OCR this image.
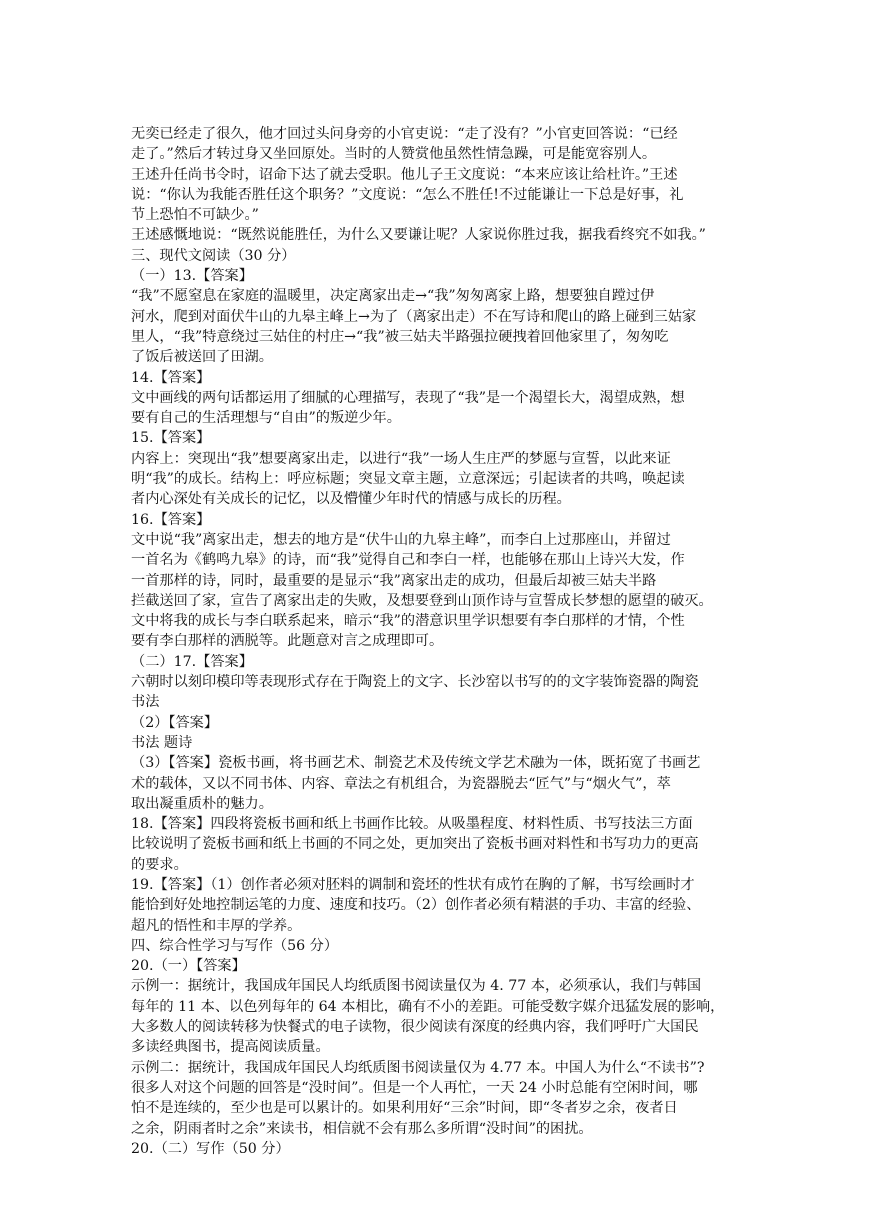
无奕已经走了很久，他才回过头问身旁的小官吏说：“走了没有？”小官吏回答说：“已经

走了。”然后才转过身又坐回原处。当时的人赞赏他虽然性情急躁，可是能宽容别人。

王述升任尚书令时，诏命下达了就去受职。他儿子王文度说：“本来应该让给杜许。”王述

说：“你认为我能否胜任这个职务？”文度说：“怎么不胜任!不过能谦让一下总是好事，礼

节上恐怕不可缺少。”

王述感慨地说：“既然说能胜任，为什么又要谦让呢？人家说你胜过我，据我看终究不如我。”

三、现代文阅读（30 分）

（一）13.【答案】

“我”不愿窒息在家庭的温暖里，决定离家出走→“我”匆匆离家上路，想要独自蹚过伊

河水，爬到对面伏牛山的九皋主峰上→为了（离家出走）不在写诗和爬山的路上碰到三姑家

里人，“我”特意绕过三姑住的村庄→“我”被三姑夫半路强拉硬拽着回他家里了，匆匆吃

了饭后被送回了田湖。

14.【答案】

文中画线的两句话都运用了细腻的心理描写，表现了“我”是一个渴望长大，渴望成熟，想

要有自己的生活理想与“自由”的叛逆少年。

15.【答案】

内容上：突现出“我”想要离家出走，以进行“我”一场人生庄严的梦愿与宣誓，以此来证

明“我”的成长。结构上：呼应标题；突显文章主题，立意深远；引起读者的共鸣，唤起读

者内心深处有关成长的记忆，以及懵懂少年时代的情感与成长的历程。

16.【答案】

文中说“我”离家出走，想去的地方是“伏牛山的九皋主峰”，而李白上过那座山，并留过

一首名为《鹤鸣九皋》的诗，而“我”觉得自己和李白一样，也能够在那山上诗兴大发，作

一首那样的诗，同时，最重要的是显示“我”离家出走的成功，但最后却被三姑夫半路

拦截送回了家，宣告了离家出走的失败，及想要登到山顶作诗与宣誓成长梦想的愿望的破灭。

文中将我的成长与李白联系起来，暗示“我”的潜意识里学识想要有李白那样的才情，个性

要有李白那样的洒脱等。此题意对言之成理即可。

（二）17.【答案】

六朝时以刻印模印等表现形式存在于陶瓷上的文字、长沙窑以书写的的文字装饰瓷器的陶瓷

书法

（2）【答案】

书法 题诗

（3）【答案】瓷板书画，将书画艺术、制瓷艺术及传统文学艺术融为一体，既拓宽了书画艺

术的载体，又以不同书体、内容、章法之有机组合，为瓷器脱去“匠气”与“烟火气”，萃

取出凝重质朴的魅力。

18.【答案】四段将瓷板书画和纸上书画作比较。从吸墨程度、材料性质、书写技法三方面

比较说明了瓷板书画和纸上书画的不同之处，更加突出了瓷板书画对料性和书写功力的更高

的要求。

19.【答案】（1）创作者必须对胚料的调制和瓷坯的性状有成竹在胸的了解，书写绘画时才

能恰到好处地控制运笔的力度、速度和技巧。（2）创作者必须有精湛的手功、丰富的经验、

超凡的悟性和丰厚的学养。

四、综合性学习与写作（56 分）

20.（一）【答案】

示例一：据统计，我国成年国民人均纸质图书阅读量仅为 4. 77 本，必须承认，我们与韩国

每年的 11 本、以色列每年的 64 本相比，确有不小的差距。可能受数字媒介迅猛发展的影响，

大多数人的阅读转移为快餐式的电子读物，很少阅读有深度的经典内容，我们呼吁广大国民

多读经典图书，提高阅读质量。

示例二：据统计，我国成年国民人均纸质图书阅读量仅为 4.77 本。中国人为什么“不读书”?

很多人对这个问题的回答是“没时间”。但是一个人再忙，一天 24 小时总能有空闲时间，哪

怕不是连续的，至少也是可以累计的。如果利用好“三余”时间，即“冬者岁之余，夜者日

之余，阴雨者时之余”来读书，相信就不会有那么多所谓“没时间”的困扰。

20.（二）写作（50 分）
